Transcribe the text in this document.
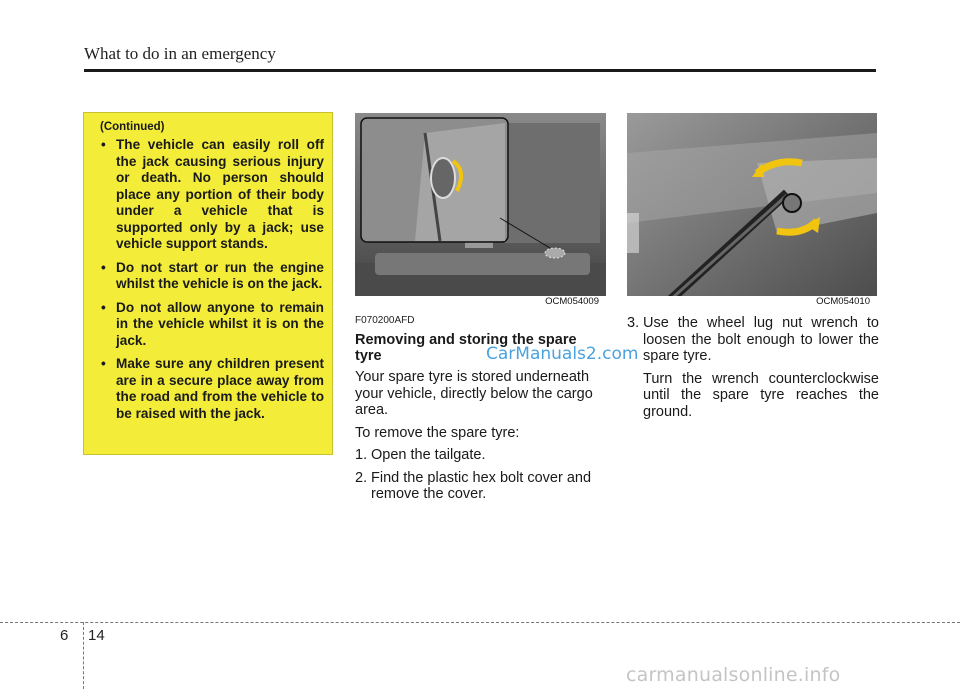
What to do in an emergency
(Continued)
• The vehicle can easily roll off the jack causing serious injury or death. No person should place any portion of their body under a vehicle that is supported only by a jack; use vehicle support stands.
• Do not start or run the engine whilst the vehicle is on the jack.
• Do not allow anyone to remain in the vehicle whilst it is on the jack.
• Make sure any children present are in a secure place away from the road and from the vehicle to be raised with the jack.
OCM054009	OCM054010
F070200AFD
Removing and storing the spare tyre

Your spare tyre is stored underneath your vehicle, directly below the cargo area.

To remove the spare tyre:

1. Open the tailgate.
2. Find the plastic hex bolt cover and remove the cover.
CarManuals2.com
3. Use the wheel lug nut wrench to loosen the bolt enough to lower the spare tyre.

Turn the wrench counterclockwise until the spare tyre reaches the ground.

6 14
carmanualsonline.info
